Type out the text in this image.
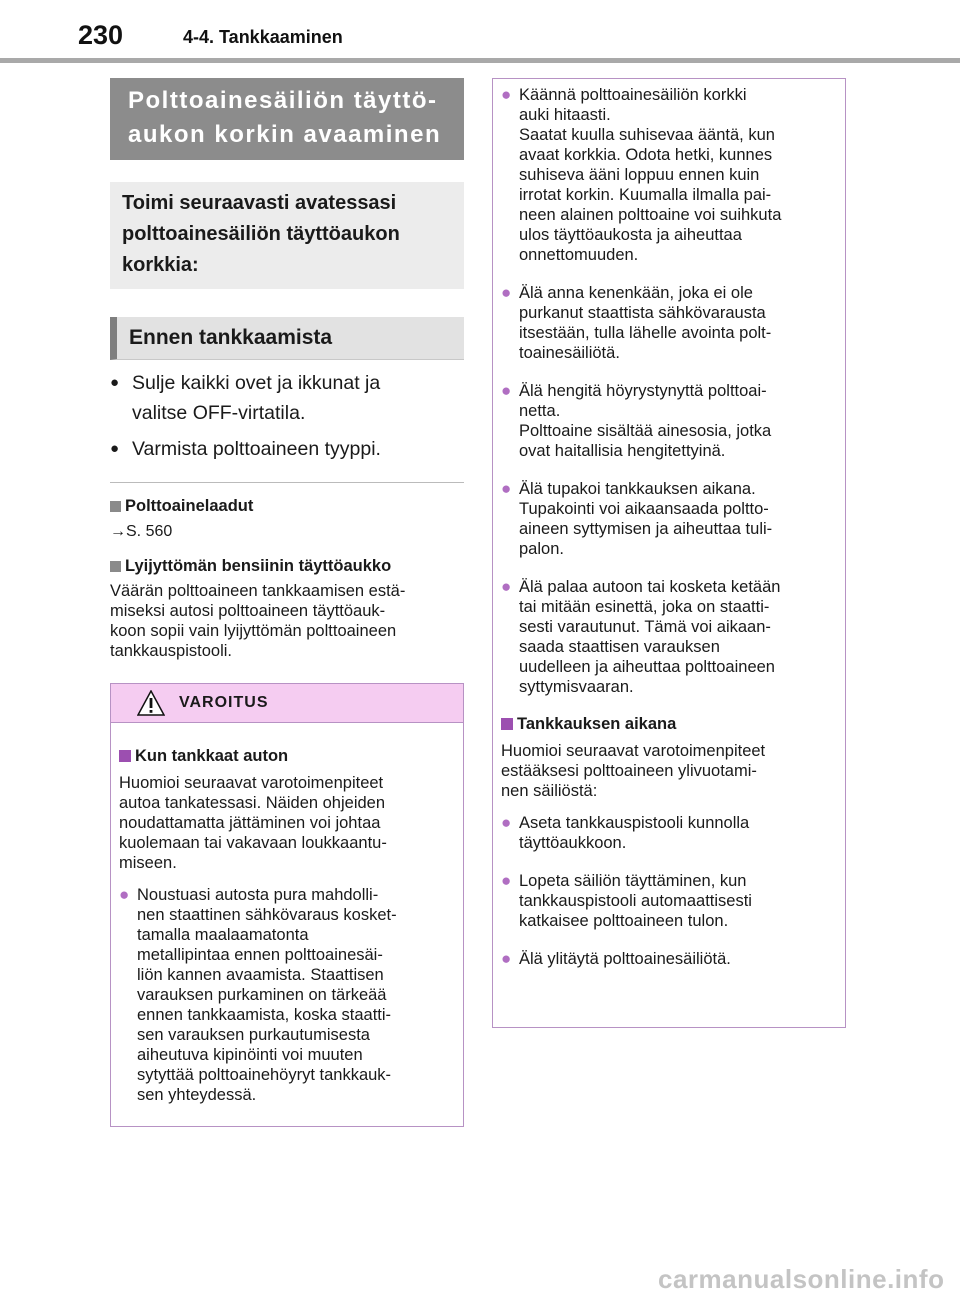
230	4-4. Tankkaaminen
Polttoainesäiliön täyttö-
aukon korkin avaaminen
Toimi seuraavasti avatessasi
polttoainesäiliön täyttöaukon
korkkia:
Ennen tankkaamista
● Sulje kaikki ovet ja ikkunat ja
valitse OFF-virtatila.
● Varmista polttoaineen tyyppi.
Polttoainelaadut
→S. 560
Lyijyttömän bensiinin täyttöaukko
Väärän polttoaineen tankkaamisen estä-
miseksi autosi polttoaineen täyttöauk-
koon sopii vain lyijyttömän polttoaineen
tankkauspistooli.
VAROITUS
Kun tankkaat auton
Huomioi seuraavat varotoimenpiteet
autoa tankatessasi. Näiden ohjeiden
noudattamatta jättäminen voi johtaa
kuolemaan tai vakavaan loukkaantu-
miseen.
● Noustuasi autosta pura mahdolli-
nen staattinen sähkövaraus kosket-
tamalla maalaamatonta
metallipintaa ennen polttoainesäi-
liön kannen avaamista. Staattisen
varauksen purkaminen on tärkeää
ennen tankkaamista, koska staatti-
sen varauksen purkautumisesta
aiheutuva kipinöinti voi muuten
sytyttää polttoainehöyryt tankkauk-
sen yhteydessä.
● Käännä polttoainesäiliön korkki
auki hitaasti.
Saatat kuulla suhisevaa ääntä, kun
avaat korkkia. Odota hetki, kunnes
suhiseva ääni loppuu ennen kuin
irrotat korkin. Kuumalla ilmalla pai-
neen alainen polttoaine voi suihkuta
ulos täyttöaukosta ja aiheuttaa
onnettomuuden.
● Älä anna kenenkään, joka ei ole
purkanut staattista sähkövarausta
itsestään, tulla lähelle avointa polt-
toainesäiliötä.
● Älä hengitä höyrystynyttä polttoai-
netta.
Polttoaine sisältää ainesosia, jotka
ovat haitallisia hengitettyinä.
● Älä tupakoi tankkauksen aikana.
Tupakointi voi aikaansaada poltto-
aineen syttymisen ja aiheuttaa tuli-
palon.
● Älä palaa autoon tai kosketa ketään
tai mitään esinettä, joka on staatti-
sesti varautunut. Tämä voi aikaan-
saada staattisen varauksen
uudelleen ja aiheuttaa polttoaineen
syttymisvaaran.
Tankkauksen aikana
Huomioi seuraavat varotoimenpiteet
estääksesi polttoaineen ylivuotami-
nen säiliöstä:
● Aseta tankkauspistooli kunnolla
täyttöaukkoon.
● Lopeta säiliön täyttäminen, kun
tankkauspistooli automaattisesti
katkaisee polttoaineen tulon.
● Älä ylitäytä polttoainesäiliötä.
carmanualsonline.info
